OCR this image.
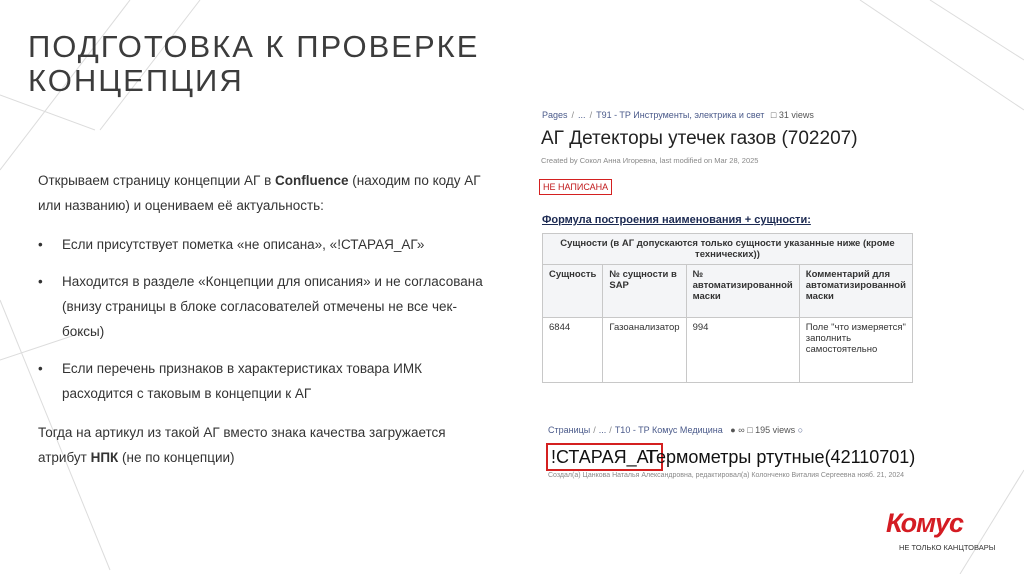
ПОДГОТОВКА К ПРОВЕРКЕ
КОНЦЕПЦИЯ

Открываем страницу концепции АГ в Confluence (находим по коду АГ или названию) и оцениваем её актуальность:

• Если присутствует пометка «не описана», «!СТАРАЯ_АГ»
• Находится в разделе «Концепции для описания» и не согласована (внизу страницы в блоке согласователей отмечены не все чек-боксы)
• Если перечень признаков в характеристиках товара ИМК расходится с таковым в концепции к АГ

Тогда на артикул из такой АГ вместо знака качества загружается атрибут НПК (не по концепции)

Pages / ... / T91 - TP Инструменты, электрика и свет □ 31 views
АГ Детекторы утечек газов (702207)
Created by Сокол Анна Игоревна, last modified on Mar 28, 2025
НЕ НАПИСАНА
Формула построения наименования + сущности:
Сущности (в АГ допускаются только сущности указанные ниже (кроме технических))			
Сущность	№ сущности в SAP	№ автоматизированной маски	Комментарий для автоматизированной маски
6844	Газоанализатор	994	Поле "что измеряется" заполнить самостоятельно
Страницы / ... / T10 - TP Комус Медицина ● ∞ □ 195 views ○
!СТАРАЯ_АГ
Термометры ртутные(42110701)
Создал(а) Цанкова Наталья Александровна, редактировал(а) Колонченко Виталия Сергеевна нояб. 21, 2024
Комус
НЕ ТОЛЬКО КАНЦТОВАРЫ
